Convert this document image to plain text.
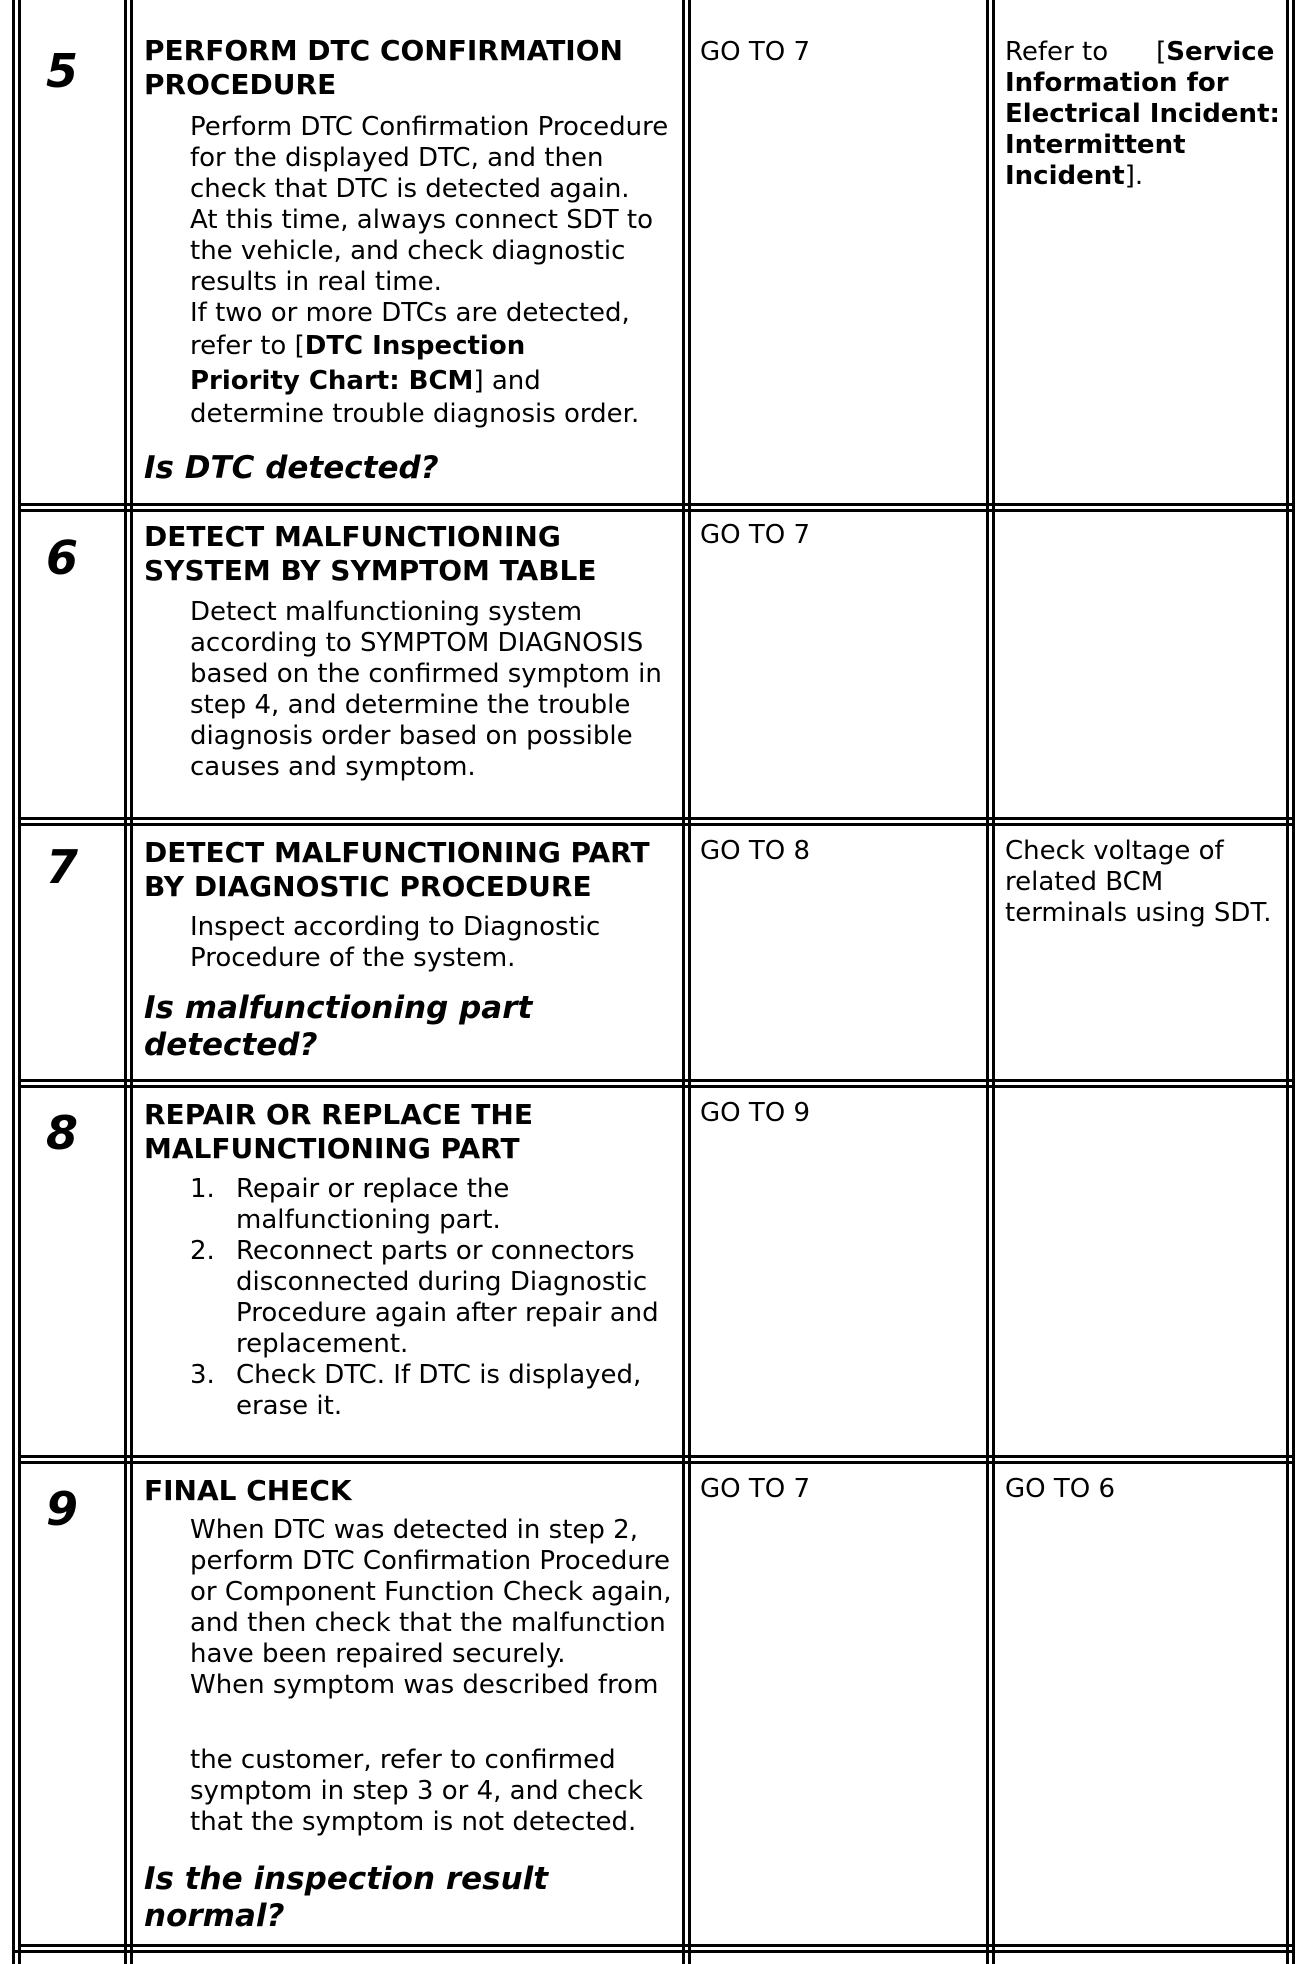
5 PERFORM DTC CONFIRMATION
PROCEDURE
Perform DTC Confirmation Procedure
for the displayed DTC, and then
check that DTC is detected again.
At this time, always connect SDT to
the vehicle, and check diagnostic
results in real time.
If two or more DTCs are detected,
refer to [DTC Inspection
Priority Chart: BCM] and
determine trouble diagnosis order.
Is DTC detected?
GO TO 7	Refer to [Service
Information for
Electrical Incident:
Intermittent
Incident].
6 DETECT MALFUNCTIONING
SYSTEM BY SYMPTOM TABLE
Detect malfunctioning system
according to SYMPTOM DIAGNOSIS
based on the confirmed symptom in
step 4, and determine the trouble
diagnosis order based on possible
causes and symptom.
GO TO 7
7 DETECT MALFUNCTIONING PART
BY DIAGNOSTIC PROCEDURE
Inspect according to Diagnostic
Procedure of the system.
Is malfunctioning part
detected?
GO TO 8	Check voltage of
related BCM
terminals using SDT.
8 REPAIR OR REPLACE THE
MALFUNCTIONING PART
1. Repair or replace the
malfunctioning part.
2. Reconnect parts or connectors
disconnected during Diagnostic
Procedure again after repair and
replacement.
3. Check DTC. If DTC is displayed,
erase it.
GO TO 9
9 FINAL CHECK
When DTC was detected in step 2,
perform DTC Confirmation Procedure
or Component Function Check again,
and then check that the malfunction
have been repaired securely.
When symptom was described from
the customer, refer to confirmed
symptom in step 3 or 4, and check
that the symptom is not detected.
Is the inspection result
normal?
GO TO 7	GO TO 6
